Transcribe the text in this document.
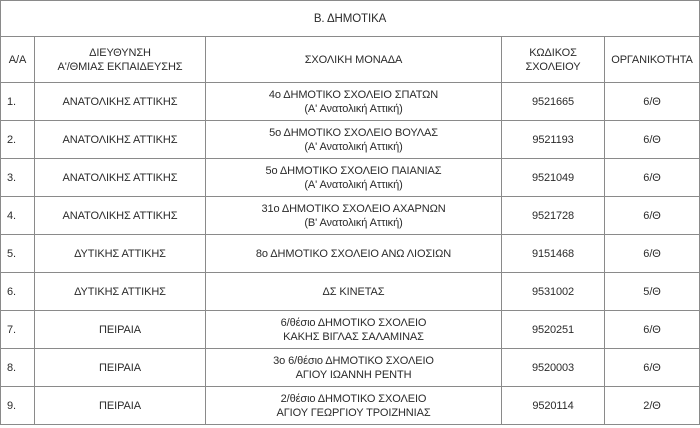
Β. ΔΗΜΟΤΙΚΑ				
Α/Α	ΔΙΕΥΘΥΝΣΗ
Α'/ΘΜΙΑΣ ΕΚΠΑΙΔΕΥΣΗΣ	ΣΧΟΛΙΚΗ ΜΟΝΑΔΑ	ΚΩΔΙΚΟΣ
ΣΧΟΛΕΙΟΥ	ΟΡΓΑΝΙΚΟΤΗΤΑ
1.	ΑΝΑΤΟΛΙΚΗΣ ΑΤΤΙΚΗΣ	4ο ΔΗΜΟΤΙΚΟ ΣΧΟΛΕΙΟ ΣΠΑΤΩΝ
(Α' Ανατολική Αττική)	9521665	6/Θ
2.	ΑΝΑΤΟΛΙΚΗΣ ΑΤΤΙΚΗΣ	5ο ΔΗΜΟΤΙΚΟ ΣΧΟΛΕΙΟ ΒΟΥΛΑΣ
(Α' Ανατολική Αττική)	9521193	6/Θ
3.	ΑΝΑΤΟΛΙΚΗΣ ΑΤΤΙΚΗΣ	5ο ΔΗΜΟΤΙΚΟ ΣΧΟΛΕΙΟ ΠΑΙΑΝΙΑΣ
(Α' Ανατολική Αττική)	9521049	6/Θ
4.	ΑΝΑΤΟΛΙΚΗΣ ΑΤΤΙΚΗΣ	31ο ΔΗΜΟΤΙΚΟ ΣΧΟΛΕΙΟ ΑΧΑΡΝΩΝ
(Β' Ανατολική Αττική)	9521728	6/Θ
5.	ΔΥΤΙΚΗΣ ΑΤΤΙΚΗΣ	8ο ΔΗΜΟΤΙΚΟ ΣΧΟΛΕΙΟ ΑΝΩ ΛΙΟΣΙΩΝ	9151468	6/Θ
6.	ΔΥΤΙΚΗΣ ΑΤΤΙΚΗΣ	ΔΣ ΚΙΝΕΤΑΣ	9531002	5/Θ
7.	ΠΕΙΡΑΙΑ	6/θέσιο ΔΗΜΟΤΙΚΟ ΣΧΟΛΕΙΟ
ΚΑΚΗΣ ΒΙΓΛΑΣ ΣΑΛΑΜΙΝΑΣ	9520251	6/Θ
8.	ΠΕΙΡΑΙΑ	3ο 6/θέσιο ΔΗΜΟΤΙΚΟ ΣΧΟΛΕΙΟ
ΑΓΙΟΥ ΙΩΑΝΝΗ ΡΕΝΤΗ	9520003	6/Θ
9.	ΠΕΙΡΑΙΑ	2/θέσιο ΔΗΜΟΤΙΚΟ ΣΧΟΛΕΙΟ
ΑΓΙΟΥ ΓΕΩΡΓΙΟΥ ΤΡΟΙΖΗΝΙΑΣ	9520114	2/Θ
